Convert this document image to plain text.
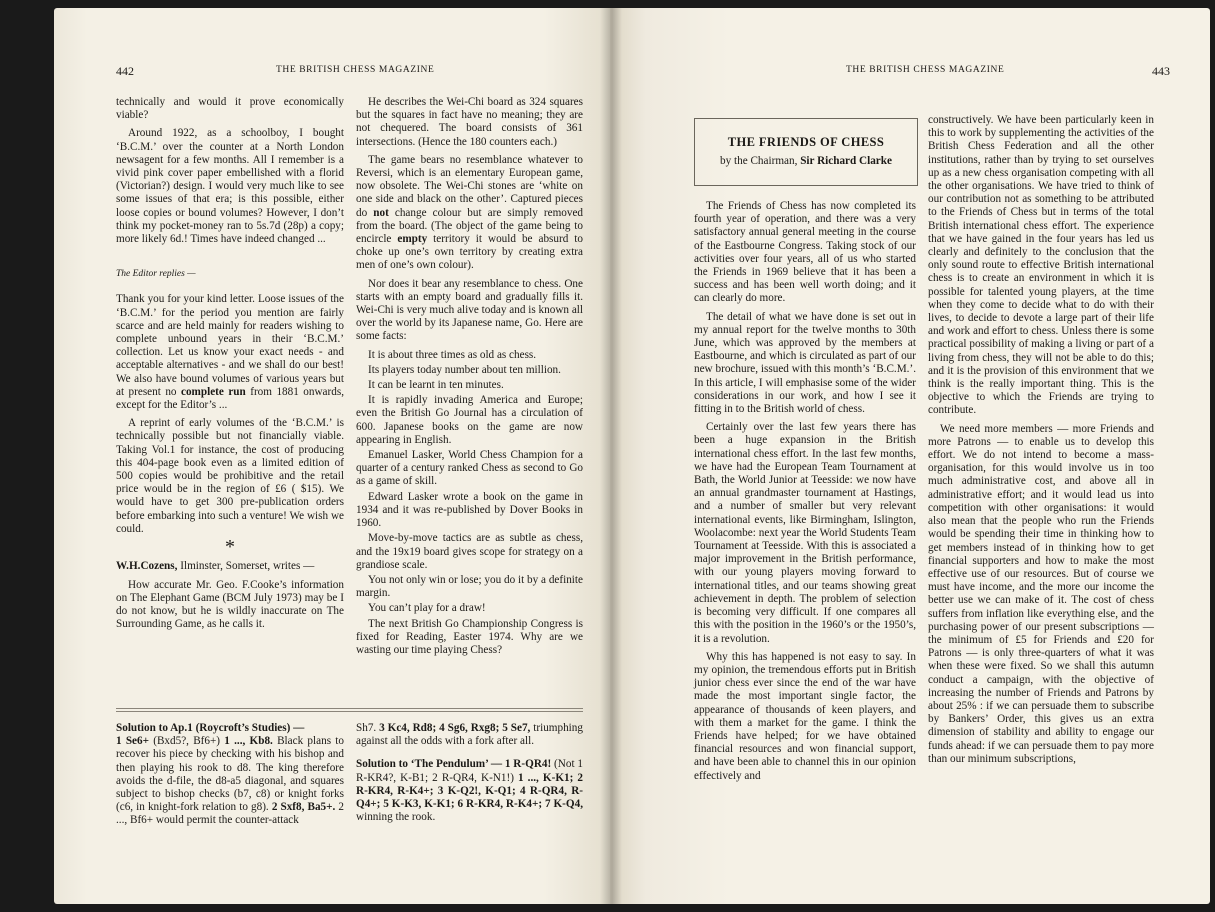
442	THE BRITISH CHESS MAGAZINE

technically and would it prove economically viable?

Around 1922, as a schoolboy, I bought ‘B.C.M.’ over the counter at a North London newsagent for a few months. All I remember is a vivid pink cover paper embellished with a florid (Victorian?) design. I would very much like to see some issues of that era; is this possible, either loose copies or bound volumes? However, I don’t think my pocket-money ran to 5s.7d (28p) a copy; more likely 6d.! Times have indeed changed ...

The Editor replies —

Thank you for your kind letter. Loose issues of the ‘B.C.M.’ for the period you mention are fairly scarce and are held mainly for readers wishing to complete unbound years in their ‘B.C.M.’ collection. Let us know your exact needs - and acceptable alternatives - and we shall do our best! We also have bound volumes of various years but at present no complete run from 1881 onwards, except for the Editor’s ...

A reprint of early volumes of the ‘B.C.M.’ is technically possible but not financially viable. Taking Vol.1 for instance, the cost of producing this 404-page book even as a limited edition of 500 copies would be prohibitive and the retail price would be in the region of £6 ( $15). We would have to get 300 pre-publication orders before embarking into such a venture! We wish we could.

*

W.H.Cozens, Ilminster, Somerset, writes —

How accurate Mr. Geo. F.Cooke’s information on The Elephant Game (BCM July 1973) may be I do not know, but he is wildly inaccurate on The Surrounding Game, as he calls it.

He describes the Wei-Chi board as 324 squares but the squares in fact have no meaning; they are not chequered. The board consists of 361 intersections. (Hence the 180 counters each.)

The game bears no resemblance whatever to Reversi, which is an elementary European game, now obsolete. The Wei-Chi stones are ‘white on one side and black on the other’. Captured pieces do not change colour but are simply removed from the board. (The object of the game being to encircle empty territory it would be absurd to choke up one’s own territory by creating extra men of one’s own colour).

Nor does it bear any resemblance to chess. One starts with an empty board and gradually fills it. Wei-Chi is very much alive today and is known all over the world by its Japanese name, Go. Here are some facts:

It is about three times as old as chess.

Its players today number about ten million.

It can be learnt in ten minutes.

It is rapidly invading America and Europe; even the British Go Journal has a circulation of 600. Japanese books on the game are now appearing in English.

Emanuel Lasker, World Chess Champion for a quarter of a century ranked Chess as second to Go as a game of skill.

Edward Lasker wrote a book on the game in 1934 and it was re-published by Dover Books in 1960.

Move-by-move tactics are as subtle as chess, and the 19x19 board gives scope for strategy on a grandiose scale.

You not only win or lose; you do it by a definite margin.

You can’t play for a draw!

The next British Go Championship Congress is fixed for Reading, Easter 1974. Why are we wasting our time playing Chess?

Solution to Ap.1 (Roycroft’s Studies) —
1 Se6+ (Bxd5?, Bf6+) 1 ..., Kb8. Black plans to recover his piece by checking with his bishop and then playing his rook to d8. The king therefore avoids the d-file, the d8-a5 diagonal, and squares subject to bishop checks (b7, c8) or knight forks (c6, in knight-fork relation to g8). 2 Sxf8, Ba5+. 2 ..., Bf6+ would permit the counter-attack

Sh7. 3 Kc4, Rd8; 4 Sg6, Rxg8; 5 Se7, triumphing against all the odds with a fork after all.

Solution to ‘The Pendulum’ — 1 R-QR4! (Not 1 R-KR4?, K-B1; 2 R-QR4, K-N1!) 1 ..., K-K1; 2 R-KR4, R-K4+; 3 K-Q2!, K-Q1; 4 R-QR4, R-Q4+; 5 K-K3, K-K1; 6 R-KR4, R-K4+; 7 K-Q4, winning the rook.

THE BRITISH CHESS MAGAZINE	443
THE FRIENDS OF CHESS
by the Chairman, Sir Richard Clarke

The Friends of Chess has now completed its fourth year of operation, and there was a very satisfactory annual general meeting in the course of the Eastbourne Congress. Taking stock of our activities over four years, all of us who started the Friends in 1969 believe that it has been a success and has been well worth doing; and it can clearly do more.

The detail of what we have done is set out in my annual report for the twelve months to 30th June, which was approved by the members at Eastbourne, and which is circulated as part of our new brochure, issued with this month’s ‘B.C.M.’. In this article, I will emphasise some of the wider considerations in our work, and how I see it fitting in to the British world of chess.

Certainly over the last few years there has been a huge expansion in the British international chess effort. In the last few months, we have had the European Team Tournament at Bath, the World Junior at Teesside: we now have an annual grandmaster tournament at Hastings, and a number of smaller but very relevant international events, like Birmingham, Islington, Woolacombe: next year the World Students Team Tournament at Teesside. With this is associated a major improvement in the British performance, with our young players moving forward to international titles, and our teams showing great achievement in depth. The problem of selection is becoming very difficult. If one compares all this with the position in the 1960’s or the 1950’s, it is a revolution.

Why this has happened is not easy to say. In my opinion, the tremendous efforts put in British junior chess ever since the end of the war have made the most important single factor, the appearance of thousands of keen players, and with them a market for the game. I think the Friends have helped; for we have obtained financial resources and won financial support, and have been able to channel this in our opinion effectively and

constructively. We have been particularly keen in this to work by supplementing the activities of the British Chess Federation and all the other institutions, rather than by trying to set ourselves up as a new chess organisation competing with all the other organisations. We have tried to think of our contribution not as something to be attributed to the Friends of Chess but in terms of the total British international chess effort. The experience that we have gained in the four years has led us clearly and definitely to the conclusion that the only sound route to effective British international chess is to create an environment in which it is possible for talented young players, at the time when they come to decide what to do with their lives, to decide to devote a large part of their life and work and effort to chess. Unless there is some practical possibility of making a living or part of a living from chess, they will not be able to do this; and it is the provision of this environment that we think is the really important thing. This is the objective to which the Friends are trying to contribute.

We need more members — more Friends and more Patrons — to enable us to develop this effort. We do not intend to become a mass-organisation, for this would involve us in too much administrative cost, and above all in administrative effort; and it would lead us into competition with other organisations: it would also mean that the people who run the Friends would be spending their time in thinking how to get members instead of in thinking how to get financial supporters and how to make the most effective use of our resources. But of course we must have income, and the more our income the better use we can make of it. The cost of chess suffers from inflation like everything else, and the purchasing power of our present subscriptions — the minimum of £5 for Friends and £20 for Patrons — is only three-quarters of what it was when these were fixed. So we shall this autumn conduct a campaign, with the objective of increasing the number of Friends and Patrons by about 25% : if we can persuade them to subscribe by Bankers’ Order, this gives us an extra dimension of stability and ability to engage our funds ahead: if we can persuade them to pay more than our minimum subscriptions,
